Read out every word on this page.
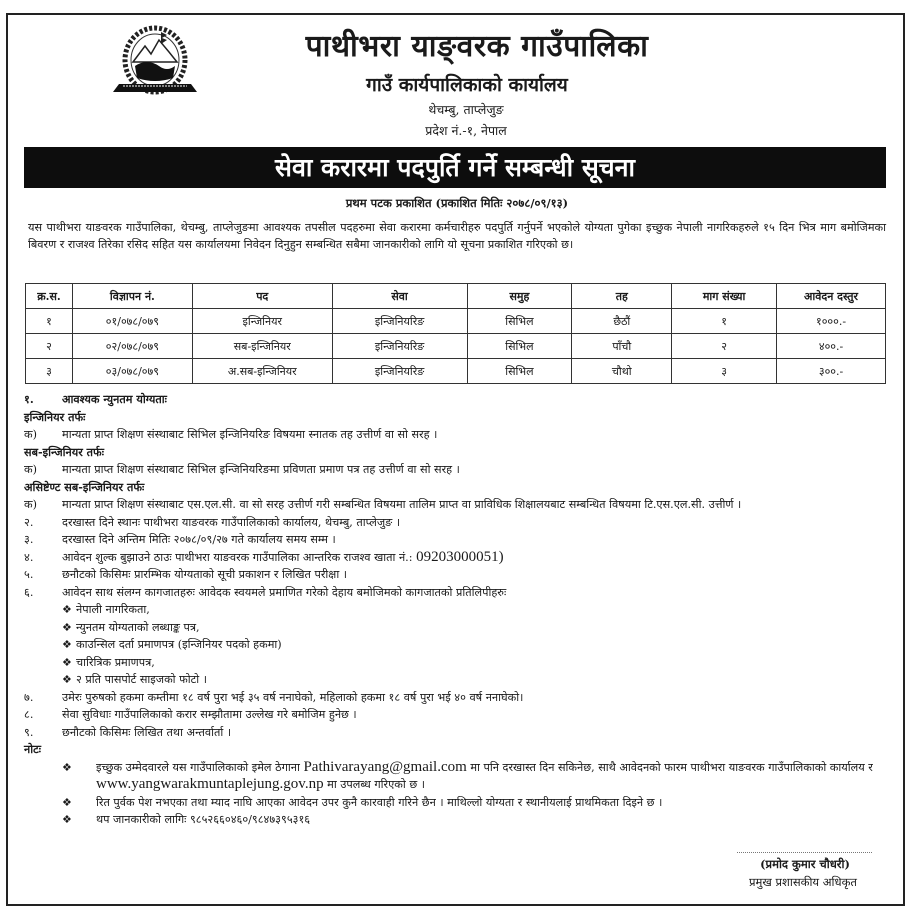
पाथीभरा याङ्वरक गाउँपालिका
गाउँ कार्यपालिकाको कार्यालय
थेचम्बु, ताप्लेजुङ
प्रदेश नं.-१, नेपाल
सेवा करारमा पदपुर्ति गर्ने सम्बन्धी सूचना
प्रथम पटक प्रकाशित (प्रकाशित मितिः २०७८/०९/१३)
यस पाथीभरा याङवरक गाउँपालिका, थेचम्बु, ताप्लेजुङमा आवश्यक तपसील पदहरुमा सेवा करारमा कर्मचारीहरु पदपुर्ति गर्नुपर्ने भएकोले योग्यता पुगेका इच्छुक नेपाली नागरिकहरुले १५ दिन भित्र माग बमोजिमका बिवरण र राजश्व तिरेका रसिद सहित यस कार्यालयमा निवेदन दिनुहुन सम्बन्धित सबैमा जानकारीको लागि यो सूचना प्रकाशित गरिएको छ।
क्र.स.	विज्ञापन नं.	पद	सेवा	समुह	तह	माग संख्या	आवेदन दस्तुर
१	०१/०७८/०७९	इन्जिनियर	इन्जिनियरिङ	सिभिल	छैठौं	१	१०००.-
२	०२/०७८/०७९	सब-इन्जिनियर	इन्जिनियरिङ	सिभिल	पाँचौ	२	४००.-
३	०३/०७८/०७९	अ.सब-इन्जिनियर	इन्जिनियरिङ	सिभिल	चौथो	३	३००.-
१.	आवश्यक न्युनतम योग्यताः
इन्जिनियर तर्फः
क)	मान्यता प्राप्त शिक्षण संस्थाबाट सिभिल इन्जिनियरिङ विषयमा स्नातक तह उत्तीर्ण वा सो सरह ।
सब-इन्जिनियर तर्फः
क)	मान्यता प्राप्त शिक्षण संस्थाबाट सिभिल इन्जिनियरिङमा प्रविणता प्रमाण पत्र तह उत्तीर्ण वा सो सरह ।
असिष्टेण्ट सब-इन्जिनियर तर्फः
क)	मान्यता प्राप्त शिक्षण संस्थाबाट एस.एल.सी. वा सो सरह उत्तीर्ण गरी सम्बन्धित विषयमा तालिम प्राप्त वा प्राविधिक शिक्षालयबाट सम्बन्धित विषयमा टि.एस.एल.सी. उत्तीर्ण ।
२.	दरखास्त दिने स्थानः पाथीभरा याङवरक गाउँपालिकाको कार्यालय, थेचम्बु, ताप्लेजुङ ।
३.	दरखास्त दिने अन्तिम मितिः २०७८/०९/२७ गते कार्यालय समय सम्म ।
४.	आवेदन शुल्क बुझाउने ठाउः पाथीभरा याङवरक गाउँपालिका आन्तरिक राजश्व खाता नं.: 09203000051)
५.	छनौटको किसिमः प्रारम्भिक योग्यताको सूची प्रकाशन र लिखित परीक्षा ।
६.	आवेदन साथ संलग्न कागजातहरुः आवेदक स्वयमले प्रमाणित गरेको देहाय बमोजिमको कागजातको प्रतिलिपीहरुः
❖ नेपाली नागरिकता,
❖ न्युनतम योग्यताको लब्धाङ्क पत्र,
❖ काउन्सिल दर्ता प्रमाणपत्र (इन्जिनियर पदको हकमा)
❖ चारित्रिक प्रमाणपत्र,
❖ २ प्रति पासपोर्ट साइजको फोटो ।
७.	उमेरः पुरुषको हकमा कम्तीमा १८ वर्ष पुरा भई ३५ वर्ष ननाघेको, महिलाको हकमा १८ वर्ष पुरा भई ४० वर्ष ननाघेको।
८.	सेवा सुविधाः गाउँपालिकाको करार सम्झौतामा उल्लेख गरे बमोजिम हुनेछ ।
९.	छनौटको किसिमः लिखित तथा अन्तर्वार्ता ।
नोटः
❖	इच्छुक उम्मेदवारले यस गाउँपालिकाको इमेल ठेगाना Pathivarayang@gmail.com मा पनि दरखास्त दिन सकिनेछ, साथै आवेदनको फारम पाथीभरा याङवरक गाउँपालिकाको कार्यालय र www.yangwarakmuntaplejung.gov.np मा उपलब्ध गरिएको छ ।
❖	रित पुर्वक पेश नभएका तथा म्याद नाघि आएका आवेदन उपर कुनै कारवाही गरिने छैन । माथिल्लो योग्यता र स्थानीयलाई प्राथमिकता दिइने छ ।
❖	थप जानकारीको लागिः ९८५२६६०४६०/९८४७३९५३१६
(प्रमोद कुमार चौधरी)
प्रमुख प्रशासकीय अधिकृत
